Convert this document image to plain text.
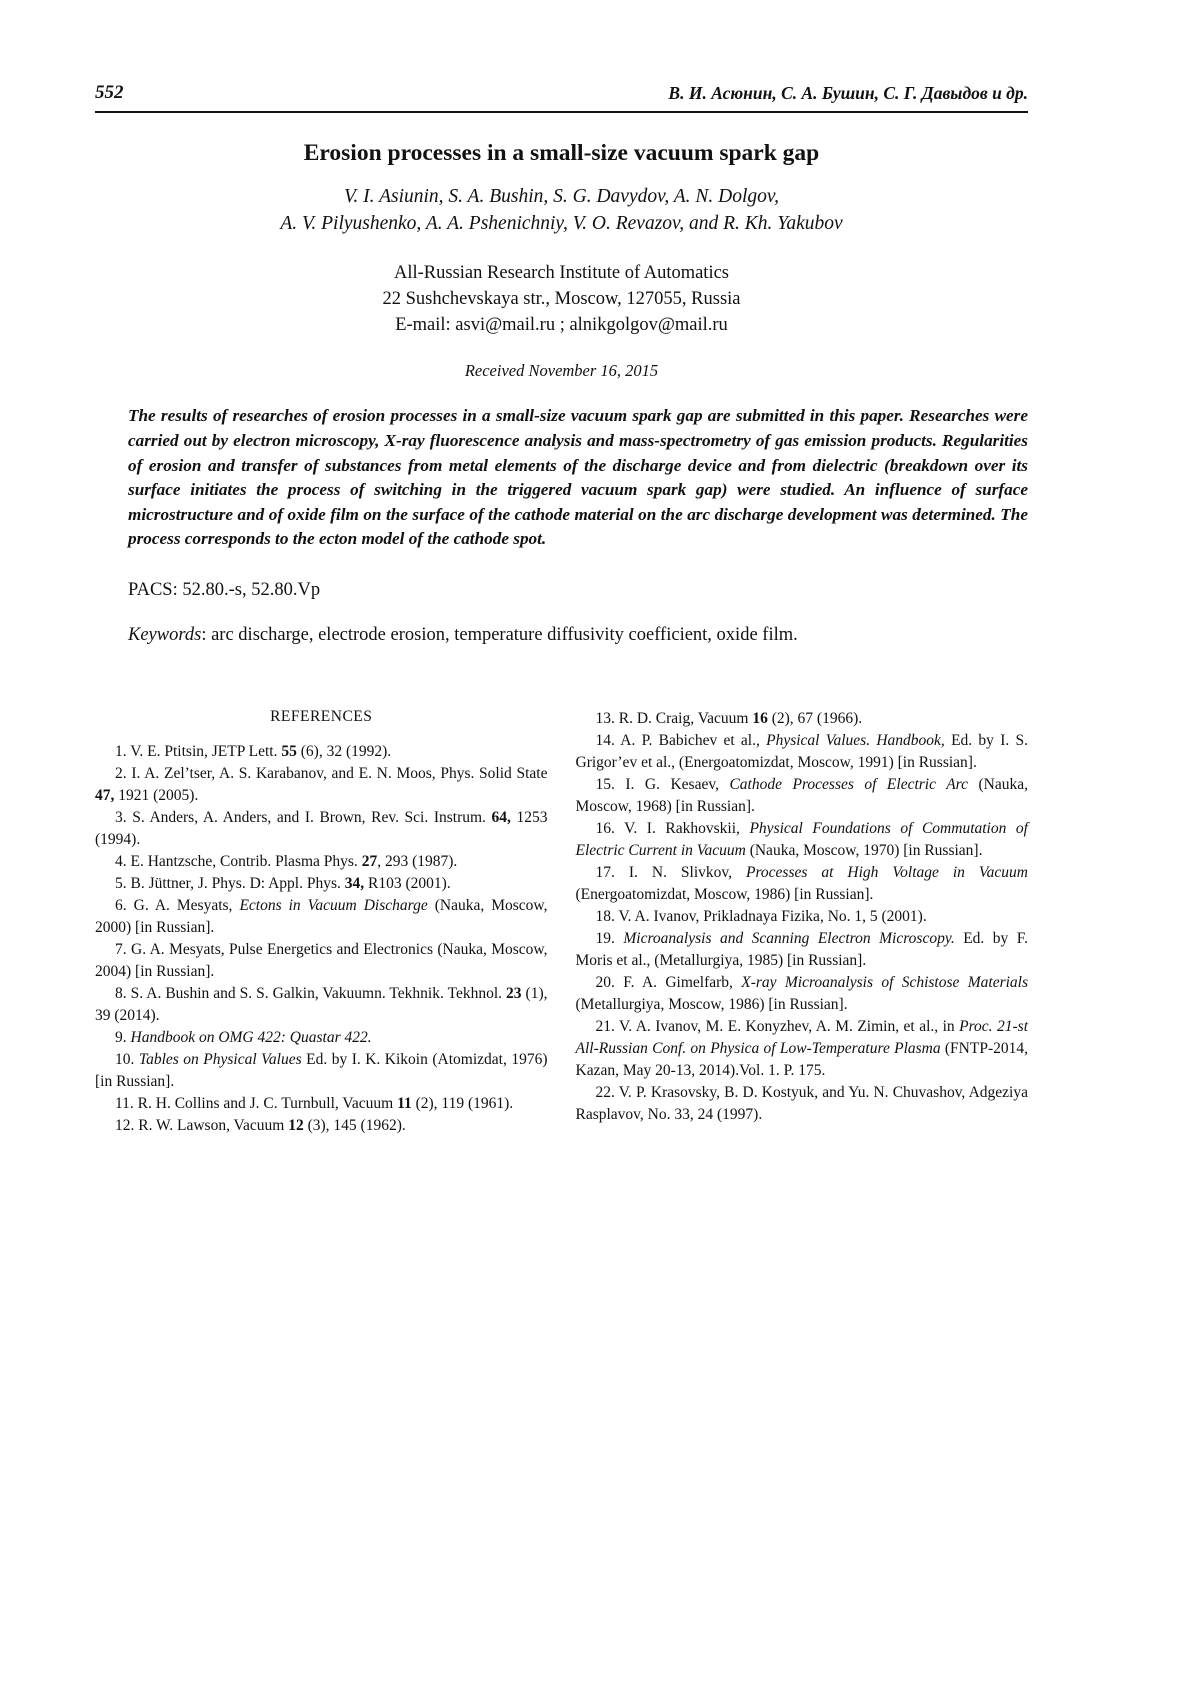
552	В. И. Асюнин, С. А. Бушин, С. Г. Давыдов и др.
Erosion processes in a small-size vacuum spark gap

V. I. Asiunin, S. A. Bushin, S. G. Davydov, A. N. Dolgov,

A. V. Pilyushenko, A. A. Pshenichniy, V. O. Revazov, and R. Kh. Yakubov

All-Russian Research Institute of Automatics

22 Sushchevskaya str., Moscow, 127055, Russia

E-mail: asvi@mail.ru ; alnikgolgov@mail.ru

Received November 16, 2015

The results of researches of erosion processes in a small-size vacuum spark gap are submitted in this paper. Researches were carried out by electron microscopy, X-ray fluorescence analysis and mass-spectrometry of gas emission products. Regularities of erosion and transfer of substances from metal elements of the discharge device and from dielectric (breakdown over its surface initiates the process of switching in the triggered vacuum spark gap) were studied. An influence of surface microstructure and of oxide film on the surface of the cathode material on the arc discharge development was determined. The process corresponds to the ecton model of the cathode spot.

PACS: 52.80.-s, 52.80.Vp

Keywords: arc discharge, electrode erosion, temperature diffusivity coefficient, oxide film.

REFERENCES

1. V. E. Ptitsin, JETP Lett. 55 (6), 32 (1992).

2. I. A. Zel’tser, A. S. Karabanov, and E. N. Moos, Phys. Solid State 47, 1921 (2005).

3. S. Anders, A. Anders, and I. Brown, Rev. Sci. Instrum. 64, 1253 (1994).

4. E. Hantzsche, Contrib. Plasma Phys. 27, 293 (1987).

5. B. Jüttner, J. Phys. D: Appl. Phys. 34, R103 (2001).

6. G. A. Mesyats, Ectons in Vacuum Discharge (Nauka, Moscow, 2000) [in Russian].

7. G. A. Mesyats, Pulse Energetics and Electronics (Nauka, Moscow, 2004) [in Russian].

8. S. A. Bushin and S. S. Galkin, Vakuumn. Tekhnik. Tekhnol. 23 (1), 39 (2014).

9. Handbook on OMG 422: Quastar 422.

10. Tables on Physical Values Ed. by I. K. Kikoin (Atomizdat, 1976) [in Russian].

11. R. H. Collins and J. C. Turnbull, Vacuum 11 (2), 119 (1961).

12. R. W. Lawson, Vacuum 12 (3), 145 (1962).

13. R. D. Craig, Vacuum 16 (2), 67 (1966).

14. A. P. Babichev et al., Physical Values. Handbook, Ed. by I. S. Grigor’ev et al., (Energoatomizdat, Moscow, 1991) [in Russian].

15. I. G. Kesaev, Cathode Processes of Electric Arc (Nauka, Moscow, 1968) [in Russian].

16. V. I. Rakhovskii, Physical Foundations of Commutation of Electric Current in Vacuum (Nauka, Moscow, 1970) [in Russian].

17. I. N. Slivkov, Processes at High Voltage in Vacuum (Energoatomizdat, Moscow, 1986) [in Russian].

18. V. A. Ivanov, Prikladnaya Fizika, No. 1, 5 (2001).

19. Microanalysis and Scanning Electron Microscopy. Ed. by F. Moris et al., (Metallurgiya, 1985) [in Russian].

20. F. A. Gimelfarb, X-ray Microanalysis of Schistose Materials (Metallurgiya, Moscow, 1986) [in Russian].

21. V. A. Ivanov, M. E. Konyzhev, A. M. Zimin, et al., in Proc. 21-st All-Russian Conf. on Physica of Low-Temperature Plasma (FNTP-2014, Kazan, May 20-13, 2014).Vol. 1. P. 175.

22. V. P. Krasovsky, B. D. Kostyuk, and Yu. N. Chuvashov, Adgeziya Rasplavov, No. 33, 24 (1997).
